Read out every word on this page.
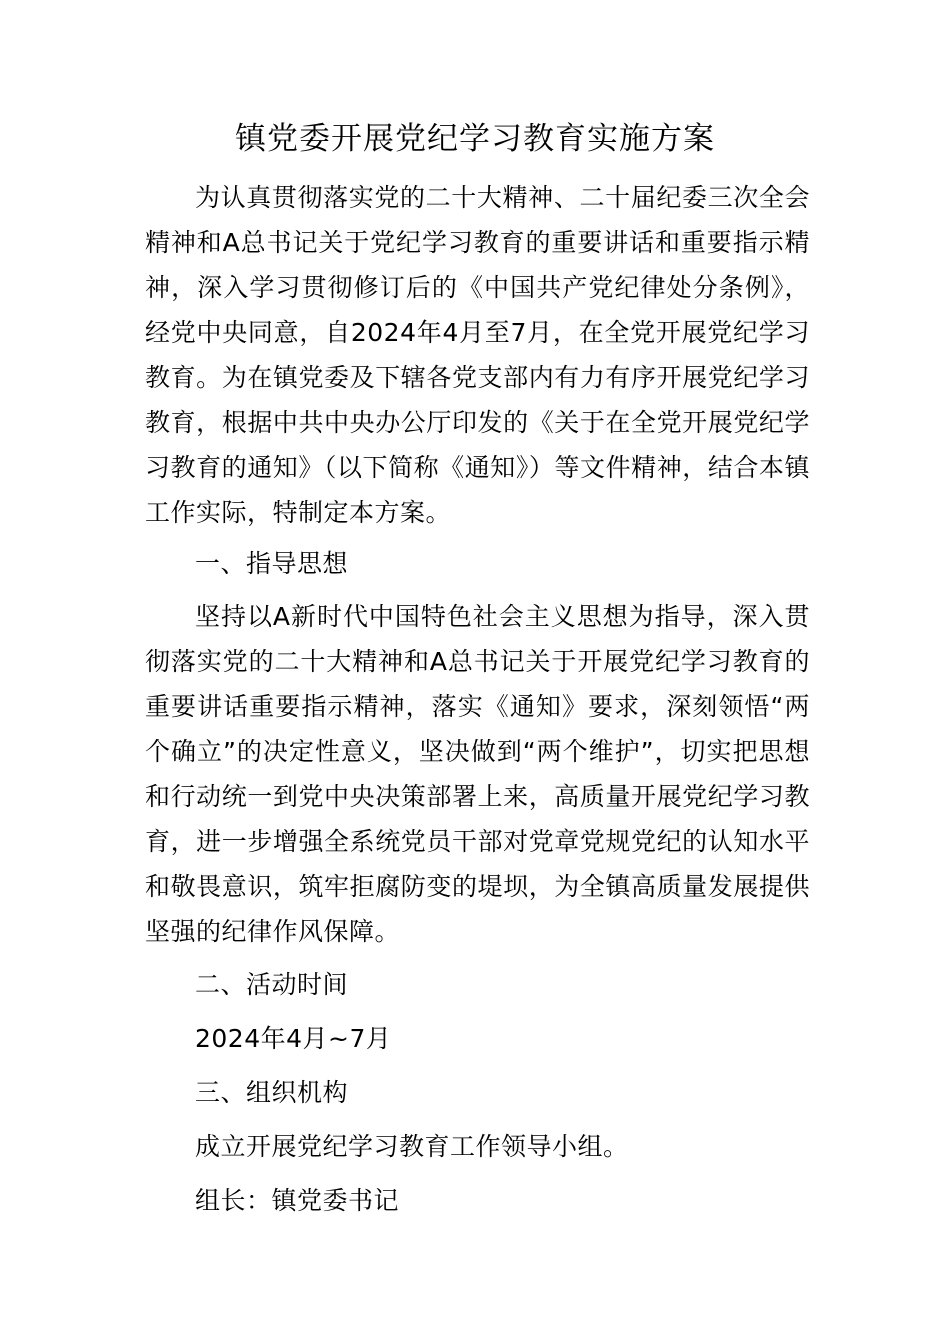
镇党委开展党纪学习教育实施方案

为认真贯彻落实党的二十大精神、二十届纪委三次全会精神和A总书记关于党纪学习教育的重要讲话和重要指示精神，深入学习贯彻修订后的《中国共产党纪律处分条例》，经党中央同意，自2024年4月至7月，在全党开展党纪学习教育。为在镇党委及下辖各党支部内有力有序开展党纪学习教育，根据中共中央办公厅印发的《关于在全党开展党纪学习教育的通知》（以下简称《通知》）等文件精神，结合本镇工作实际，特制定本方案。

一、指导思想

坚持以A新时代中国特色社会主义思想为指导，深入贯彻落实党的二十大精神和A总书记关于开展党纪学习教育的重要讲话重要指示精神，落实《通知》要求，深刻领悟“两个确立”的决定性意义，坚决做到“两个维护”，切实把思想和行动统一到党中央决策部署上来，高质量开展党纪学习教育，进一步增强全系统党员干部对党章党规党纪的认知水平和敬畏意识，筑牢拒腐防变的堤坝，为全镇高质量发展提供坚强的纪律作风保障。

二、活动时间
2024年4月~7月
三、组织机构
成立开展党纪学习教育工作领导小组。
组长：镇党委书记
